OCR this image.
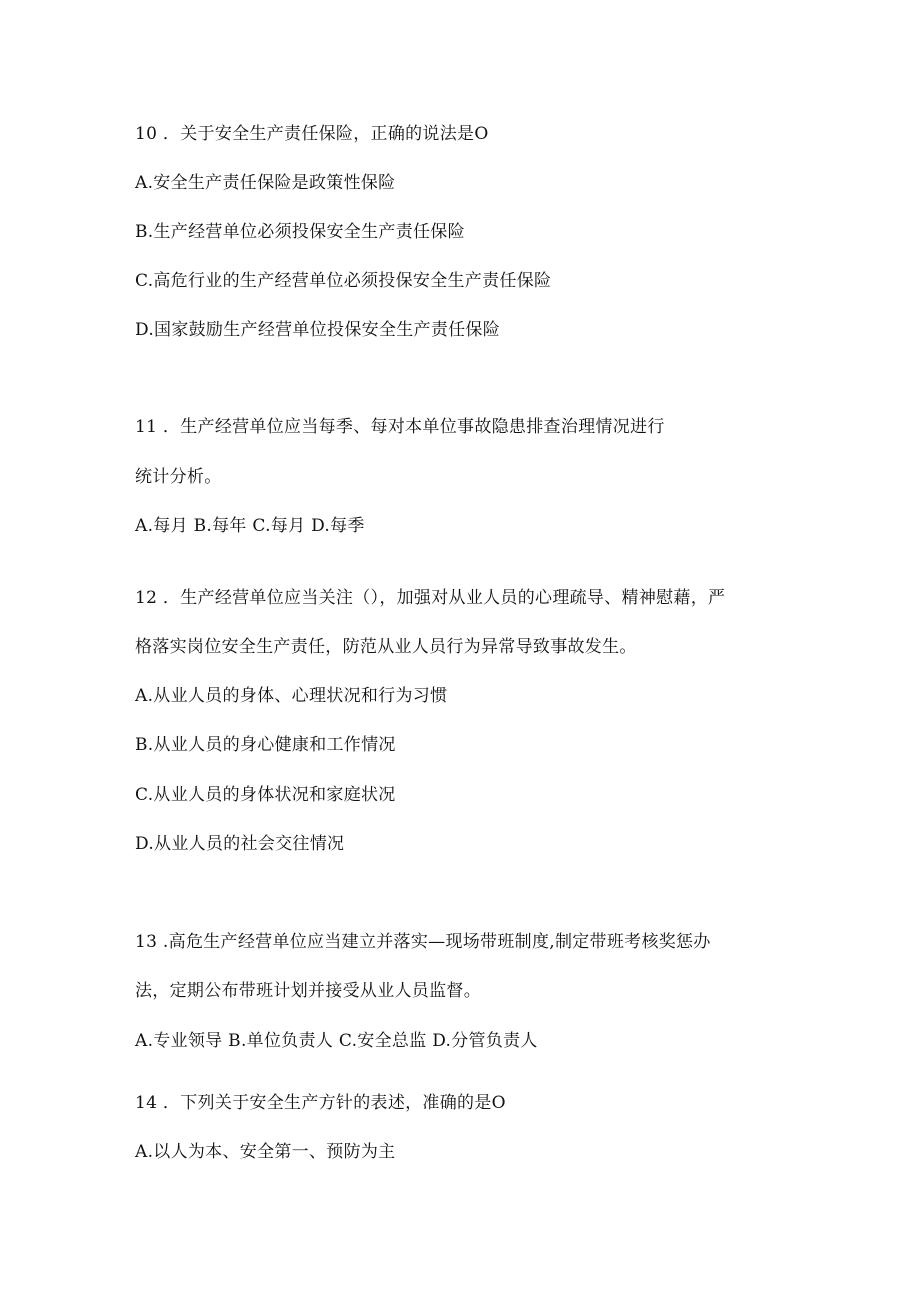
10 ．关于安全生产责任保险，正确的说法是O
A.安全生产责任保险是政策性保险
B.生产经营单位必须投保安全生产责任保险
C.高危行业的生产经营单位必须投保安全生产责任保险
D.国家鼓励生产经营单位投保安全生产责任保险
11 ．生产经营单位应当每季、每对本单位事故隐患排查治理情况进行
统计分析。
A.每月 B.每年 C.每月 D.每季
12 ．生产经营单位应当关注（），加强对从业人员的心理疏导、精神慰藉，严
格落实岗位安全生产责任，防范从业人员行为异常导致事故发生。
A.从业人员的身体、心理状况和行为习惯
B.从业人员的身心健康和工作情况
C.从业人员的身体状况和家庭状况
D.从业人员的社会交往情况
13 .高危生产经营单位应当建立并落实—现场带班制度,制定带班考核奖惩办
法，定期公布带班计划并接受从业人员监督。
A.专业领导 B.单位负责人 C.安全总监 D.分管负责人
14 ．下列关于安全生产方针的表述，准确的是O
A.以人为本、安全第一、预防为主
